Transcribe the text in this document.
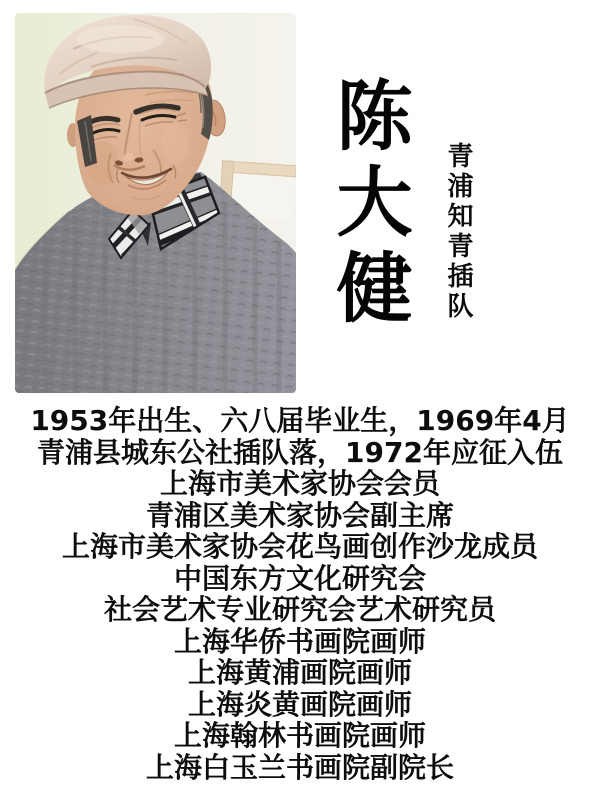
陈大健 青浦知青插队
1953年出生、六八届毕业生，1969年4月
青浦县城东公社插队落，1972年应征入伍
上海市美术家协会会员
青浦区美术家协会副主席
上海市美术家协会花鸟画创作沙龙成员
中国东方文化研究会
社会艺术专业研究会艺术研究员
上海华侨书画院画师
上海黄浦画院画师
上海炎黄画院画师
上海翰林书画院画师
上海白玉兰书画院副院长
